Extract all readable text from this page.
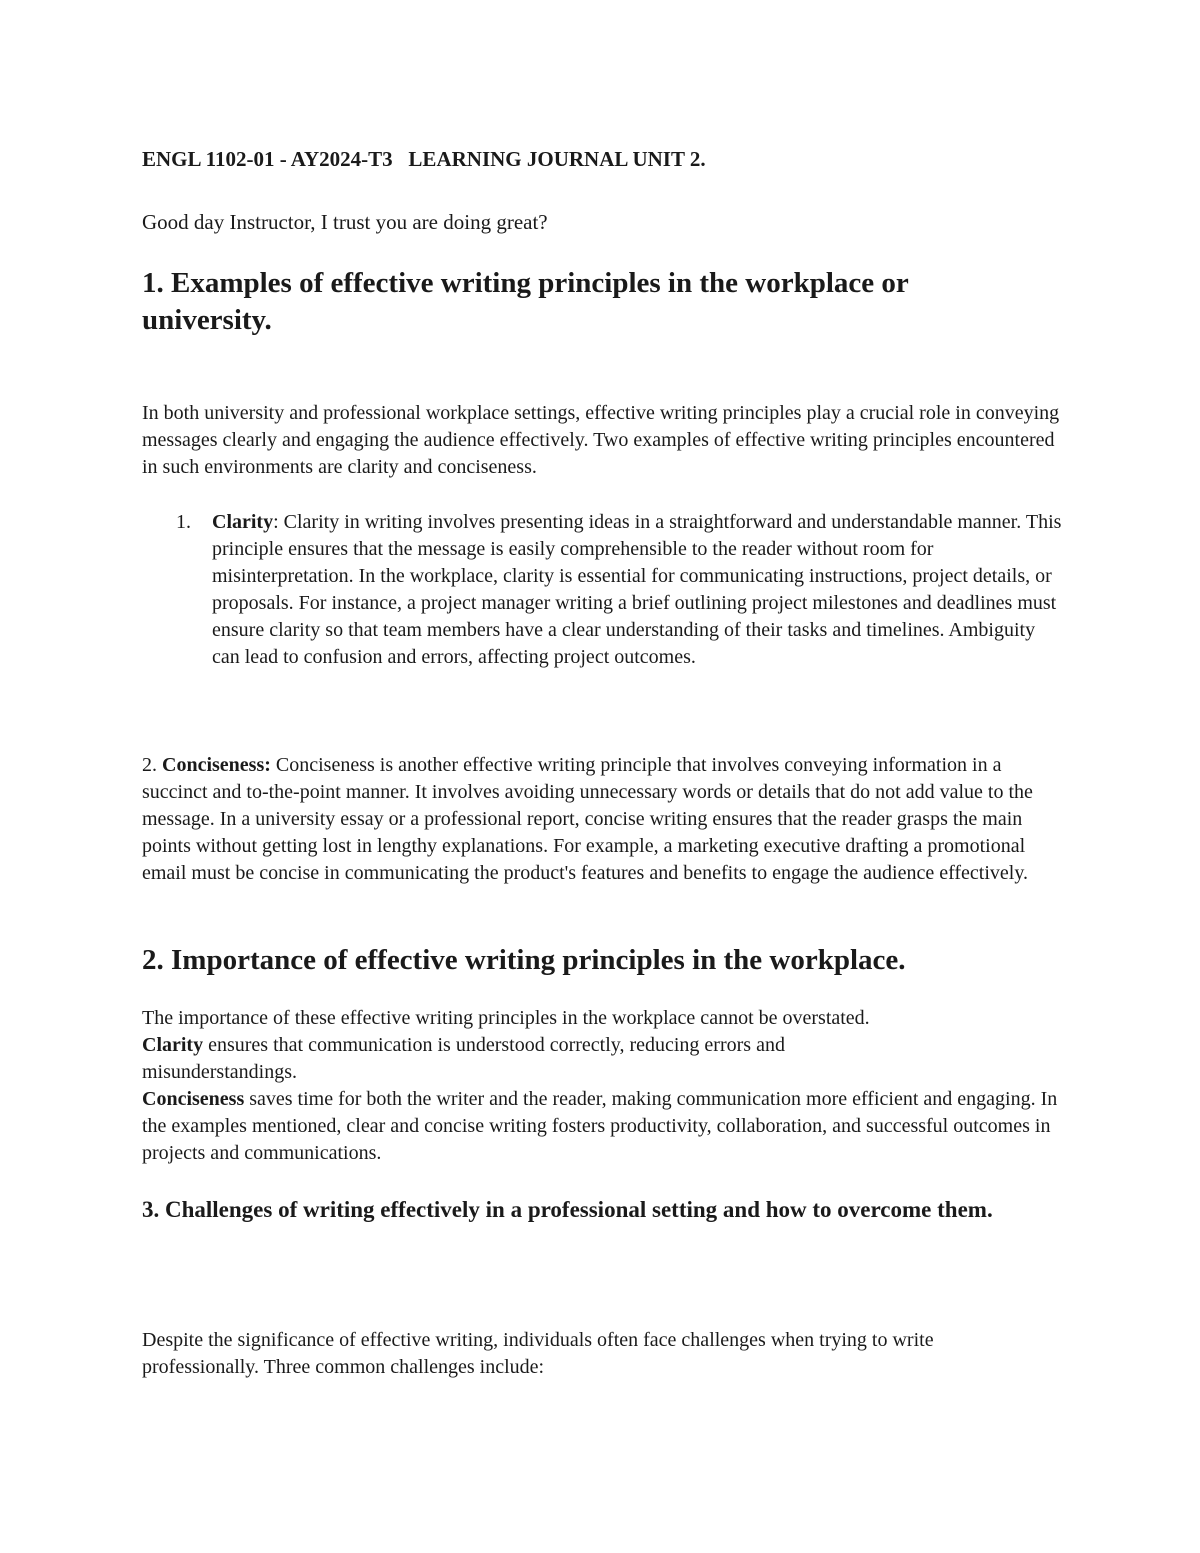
ENGL 1102-01 - AY2024-T3   LEARNING JOURNAL UNIT 2.

Good day Instructor, I trust you are doing great?

1. Examples of effective writing principles in the workplace or university.

In both university and professional workplace settings, effective writing principles play a crucial role in conveying messages clearly and engaging the audience effectively. Two examples of effective writing principles encountered in such environments are clarity and conciseness.

1. Clarity: Clarity in writing involves presenting ideas in a straightforward and understandable manner. This principle ensures that the message is easily comprehensible to the reader without room for misinterpretation. In the workplace, clarity is essential for communicating instructions, project details, or proposals. For instance, a project manager writing a brief outlining project milestones and deadlines must ensure clarity so that team members have a clear understanding of their tasks and timelines. Ambiguity can lead to confusion and errors, affecting project outcomes.

2. Conciseness: Conciseness is another effective writing principle that involves conveying information in a succinct and to-the-point manner. It involves avoiding unnecessary words or details that do not add value to the message. In a university essay or a professional report, concise writing ensures that the reader grasps the main points without getting lost in lengthy explanations. For example, a marketing executive drafting a promotional email must be concise in communicating the product's features and benefits to engage the audience effectively.

2. Importance of effective writing principles in the workplace.

The importance of these effective writing principles in the workplace cannot be overstated.

Clarity ensures that communication is understood correctly, reducing errors and misunderstandings.

Conciseness saves time for both the writer and the reader, making communication more efficient and engaging. In the examples mentioned, clear and concise writing fosters productivity, collaboration, and successful outcomes in projects and communications.

3. Challenges of writing effectively in a professional setting and how to overcome them.

Despite the significance of effective writing, individuals often face challenges when trying to write professionally. Three common challenges include:
